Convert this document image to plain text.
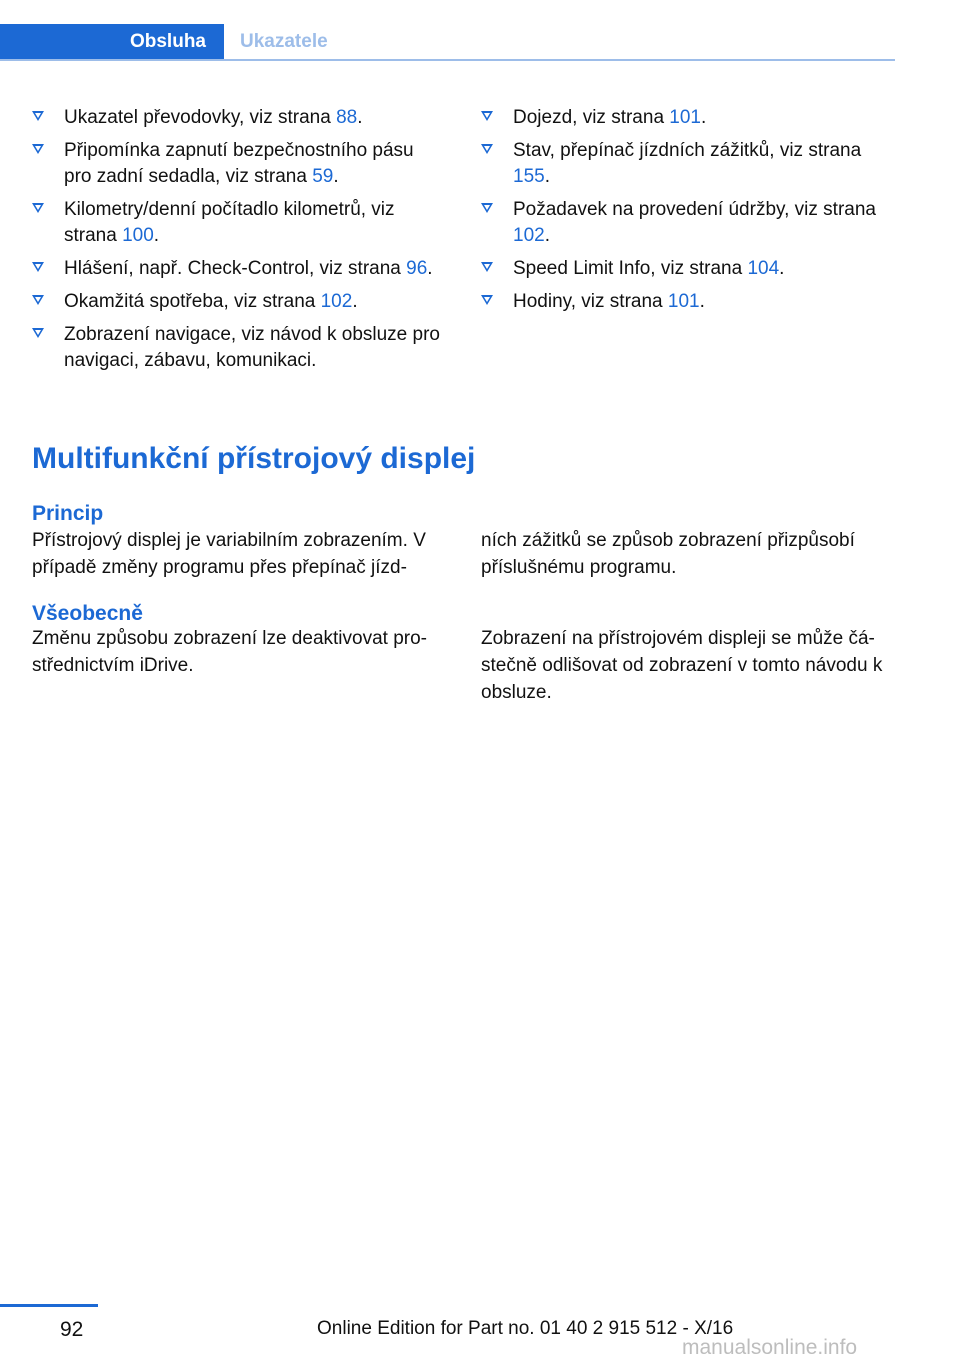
Obsluha Ukazatele
Ukazatel převodovky, viz strana 88.
Připomínka zapnutí bezpečnostního pásu pro zadní sedadla, viz strana 59.
Kilometry/denní počítadlo kilometrů, viz strana 100.
Hlášení, např. Check-Control, viz strana 96.
Okamžitá spotřeba, viz strana 102.
Zobrazení navigace, viz návod k obsluze pro navigaci, zábavu, komunikaci.
Dojezd, viz strana 101.
Stav, přepínač jízdních zážitků, viz strana 155.
Požadavek na provedení údržby, viz strana 102.
Speed Limit Info, viz strana 104.
Hodiny, viz strana 101.
Multifunkční přístrojový displej
Princip

Přístrojový displej je variabilním zobrazením. V případě změny programu přes přepínač jízd-

ních zážitků se způsob zobrazení přizpůsobí příslušnému programu.

Všeobecně

Změnu způsobu zobrazení lze deaktivovat pro-střednictvím iDrive.

Zobrazení na přístrojovém displeji se může čá-stečně odlišovat od zobrazení v tomto návodu k obsluze.

92	Online Edition for Part no. 01 40 2 915 512 - X/16
manualsonline.info
